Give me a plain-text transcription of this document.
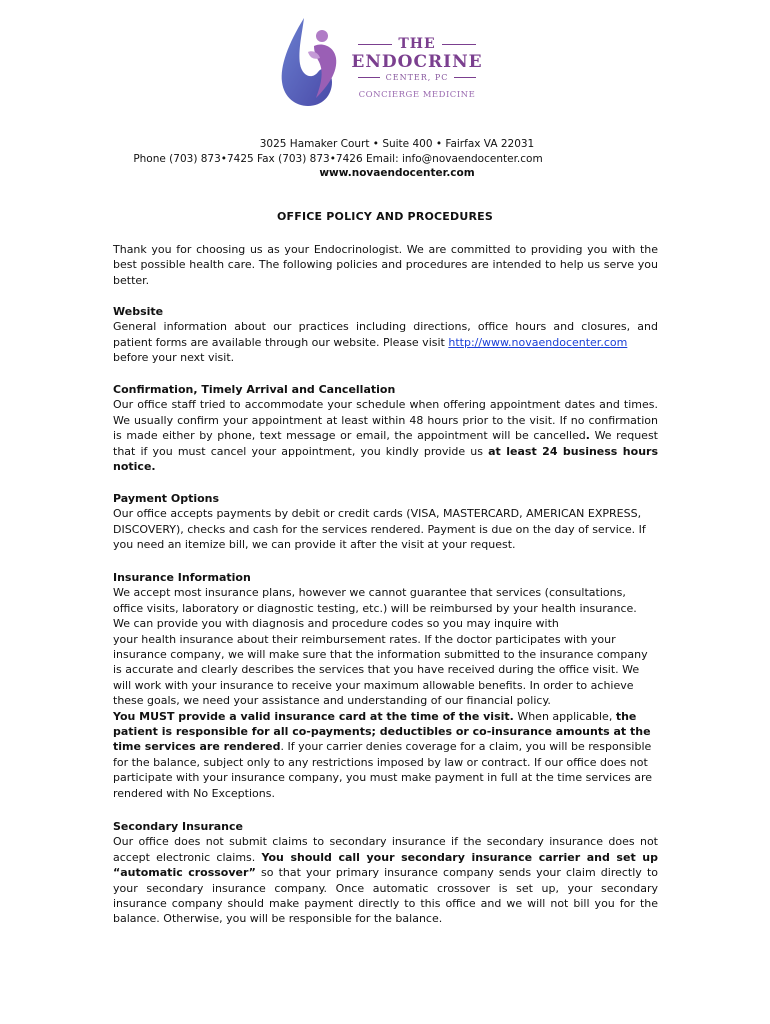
THE
ENDOCRINE
CENTER, PC
CONCIERGE MEDICINE
3025 Hamaker Court • Suite 400 • Fairfax VA 22031
Phone (703) 873•7425 Fax (703) 873•7426 Email: info@novaendocenter.com
www.novaendocenter.com
OFFICE POLICY AND PROCEDURES
Thank you for choosing us as your Endocrinologist. We are committed to providing you with the best possible health care. The following policies and procedures are intended to help us serve you better.
Website
General information about our practices including directions, office hours and closures, and patient forms are available through our website. Please visit http://www.novaendocenter.com
before your next visit.
Confirmation, Timely Arrival and Cancellation
Our office staff tried to accommodate your schedule when offering appointment dates and times. We usually confirm your appointment at least within 48 hours prior to the visit. If no confirmation is made either by phone, text message or email, the appointment will be cancelled. We request that if you must cancel your appointment, you kindly provide us at least 24 business hours notice.
Payment Options
Our office accepts payments by debit or credit cards (VISA, MASTERCARD, AMERICAN EXPRESS, DISCOVERY), checks and cash for the services rendered. Payment is due on the day of service. If you need an itemize bill, we can provide it after the visit at your request.
Insurance Information
We accept most insurance plans, however we cannot guarantee that services (consultations,
office visits, laboratory or diagnostic testing, etc.) will be reimbursed by your health insurance.
We can provide you with diagnosis and procedure codes so you may inquire with
your health insurance about their reimbursement rates. If the doctor participates with your
insurance company, we will make sure that the information submitted to the insurance company
is accurate and clearly describes the services that you have received during the office visit. We
will work with your insurance to receive your maximum allowable benefits. In order to achieve
these goals, we need your assistance and understanding of our financial policy.
You MUST provide a valid insurance card at the time of the visit. When applicable, the patient is responsible for all co-payments; deductibles or co-insurance amounts at the time services are rendered. If your carrier denies coverage for a claim, you will be responsible for the balance, subject only to any restrictions imposed by law or contract. If our office does not participate with your insurance company, you must make payment in full at the time services are rendered with No Exceptions.
Secondary Insurance
Our office does not submit claims to secondary insurance if the secondary insurance does not accept electronic claims. You should call your secondary insurance carrier and set up “automatic crossover” so that your primary insurance company sends your claim directly to your secondary insurance company. Once automatic crossover is set up, your secondary insurance company should make payment directly to this office and we will not bill you for the balance. Otherwise, you will be responsible for the balance.
